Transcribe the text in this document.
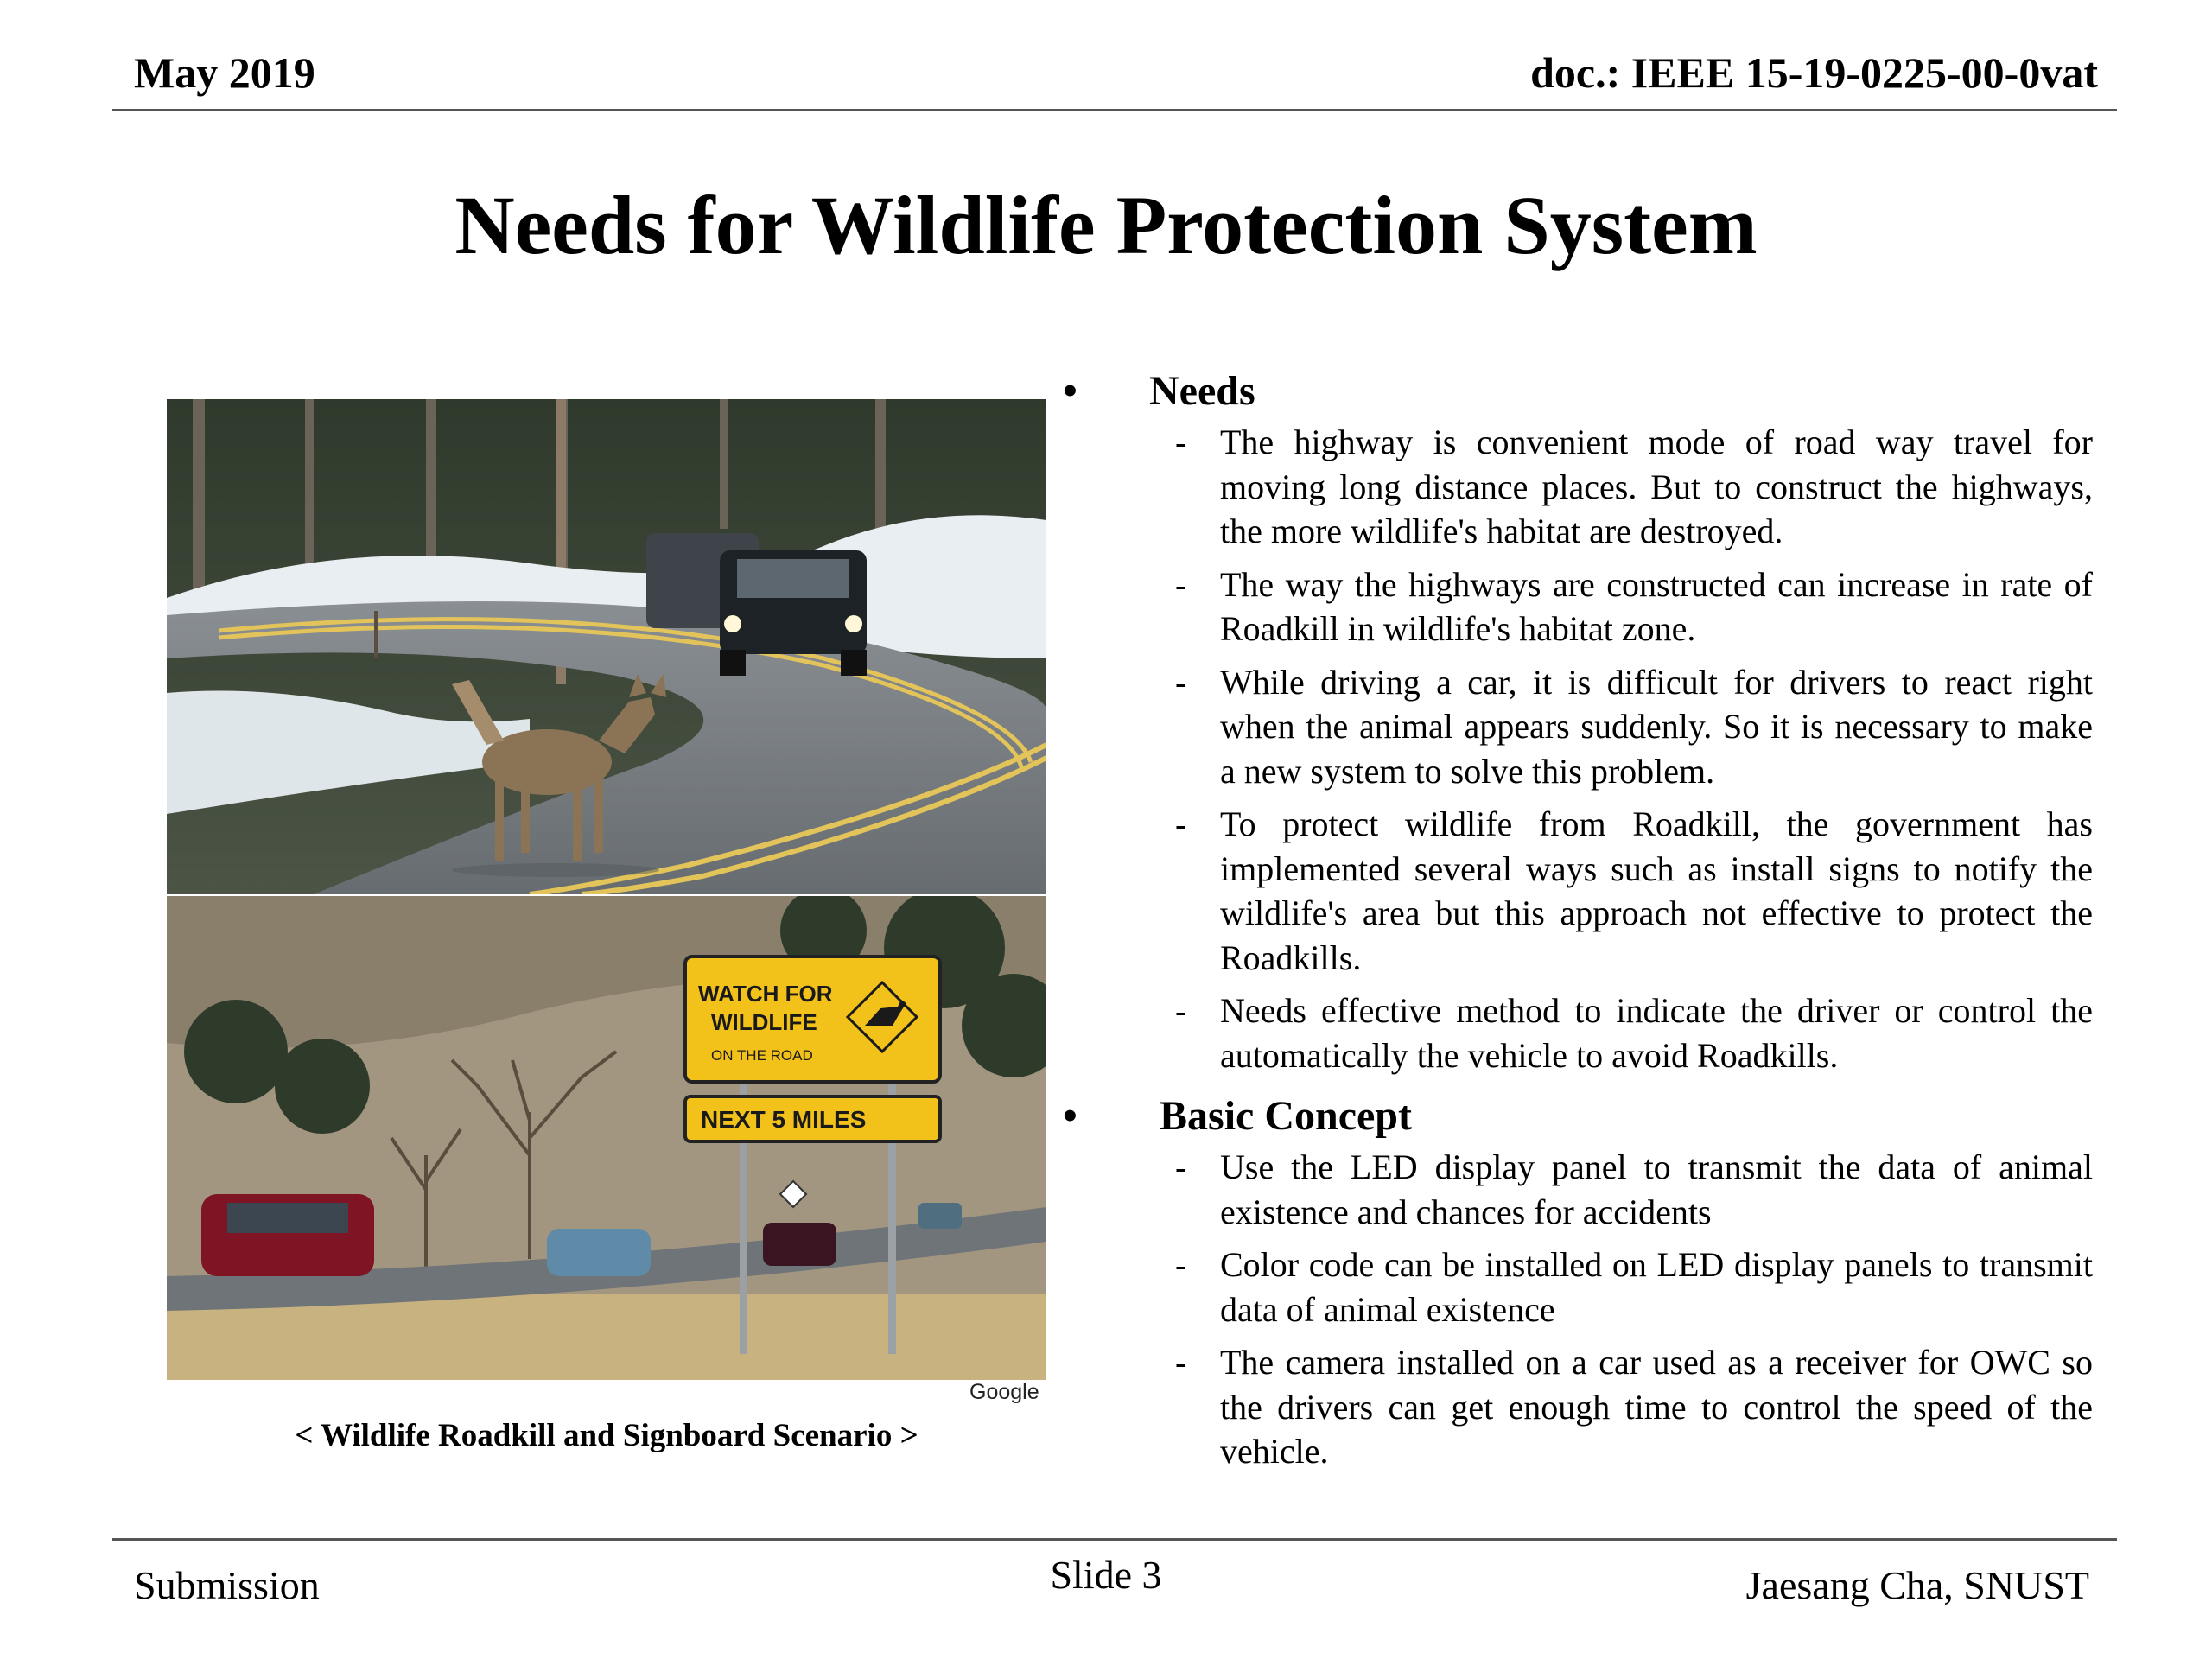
May 2019	doc.: IEEE 15-19-0225-00-0vat
Needs for Wildlife Protection System
WATCH FOR
WILDLIFE
ON THE ROAD
NEXT 5 MILES
Google
< Wildlife Roadkill and Signboard Scenario >
•	Needs
- The highway is convenient mode of road way travel for moving long distance places. But to construct the highways, the more wildlife's habitat are destroyed.
- The way the highways are constructed can increase in rate of Roadkill in wildlife's habitat zone.
- While driving a car, it is difficult for drivers to react right when the animal appears suddenly. So it is necessary to make a new system to solve this problem.
- To protect wildlife from Roadkill, the government has implemented several ways such as install signs to notify the wildlife's area but this approach not effective to protect the Roadkills.
- Needs effective method to indicate the driver or control the automatically the vehicle to avoid Roadkills.
•	Basic Concept
- Use the LED display panel to transmit the data of animal existence and chances for accidents
- Color code can be installed on LED display panels to transmit data of animal existence
- The camera installed on a car used as a receiver for OWC so the drivers can get enough time to control the speed of the vehicle.
Submission	Slide 3	Jaesang Cha, SNUST
